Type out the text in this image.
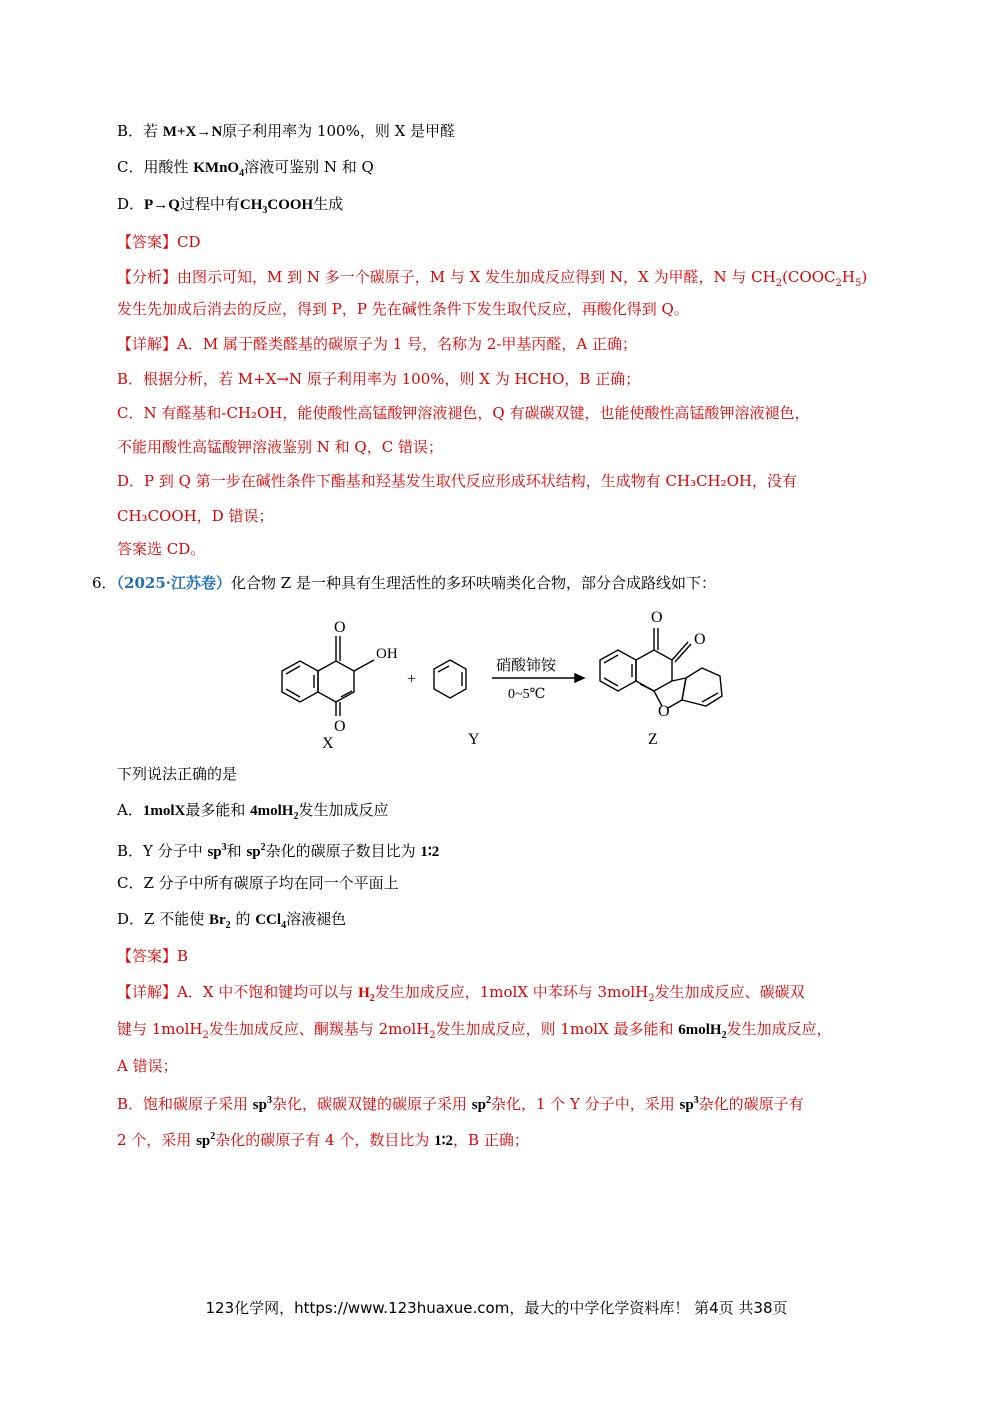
B．若 M+X→N原子利用率为 100%，则 X 是甲醛
C．用酸性 KMnO$_4$溶液可鉴别 N 和 Q
D．P→Q过程中有$CH_3COOH$生成
【答案】CD
【分析】由图示可知，M 到 N 多一个碳原子，M 与 X 发生加成反应得到 N，X 为甲醛，N 与 $CH_2(COOC_2H_5)$
发生先加成后消去的反应，得到 P，P 先在碱性条件下发生取代反应，再酸化得到 Q。
【详解】A．M 属于醛类醛基的碳原子为 1 号，名称为 2-甲基丙醛，A 正确；
B．根据分析，若 M+X→N 原子利用率为 100%，则 X 为 HCHO，B 正确；
C．N 有醛基和-CH₂OH，能使酸性高锰酸钾溶液褪色，Q 有碳碳双键，也能使酸性高锰酸钾溶液褪色，
不能用酸性高锰酸钾溶液鉴别 N 和 Q，C 错误；
D．P 到 Q 第一步在碱性条件下酯基和羟基发生取代反应形成环状结构，生成物有 CH₃CH₂OH，没有
CH₃COOH，D 错误；
答案选 CD。
6．（2025·江苏卷）化合物 Z 是一种具有生理活性的多环呋喃类化合物，部分合成路线如下：
O
OH
O
X
+
Y
硝酸铈铵
0~5℃
O
O
O
Z
下列说法正确的是
A．1molX最多能和 4molH$_2$发生加成反应
B．Y 分子中 $sp^3$和 $sp^2$杂化的碳原子数目比为 1∶2
C．Z 分子中所有碳原子均在同一个平面上
D．Z 不能使 $Br_2$ 的 CCl$_4$溶液褪色
【答案】B
【详解】A．X 中不饱和键均可以与 $H_2$发生加成反应，1molX 中苯环与 3molH$_2$发生加成反应、碳碳双
键与 1molH$_2$发生加成反应、酮羰基与 2molH$_2$发生加成反应，则 1molX 最多能和 6molH$_2$发生加成反应，
A 错误；
B．饱和碳原子采用 $sp^3$杂化，碳碳双键的碳原子采用 $sp^2$杂化，1 个 Y 分子中，采用 $sp^3$杂化的碳原子有
2 个，采用 $sp^2$杂化的碳原子有 4 个，数目比为 1∶2，B 正确；
123化学网，https://www.123huaxue.com，最大的中学化学资料库！ 第4页 共38页
